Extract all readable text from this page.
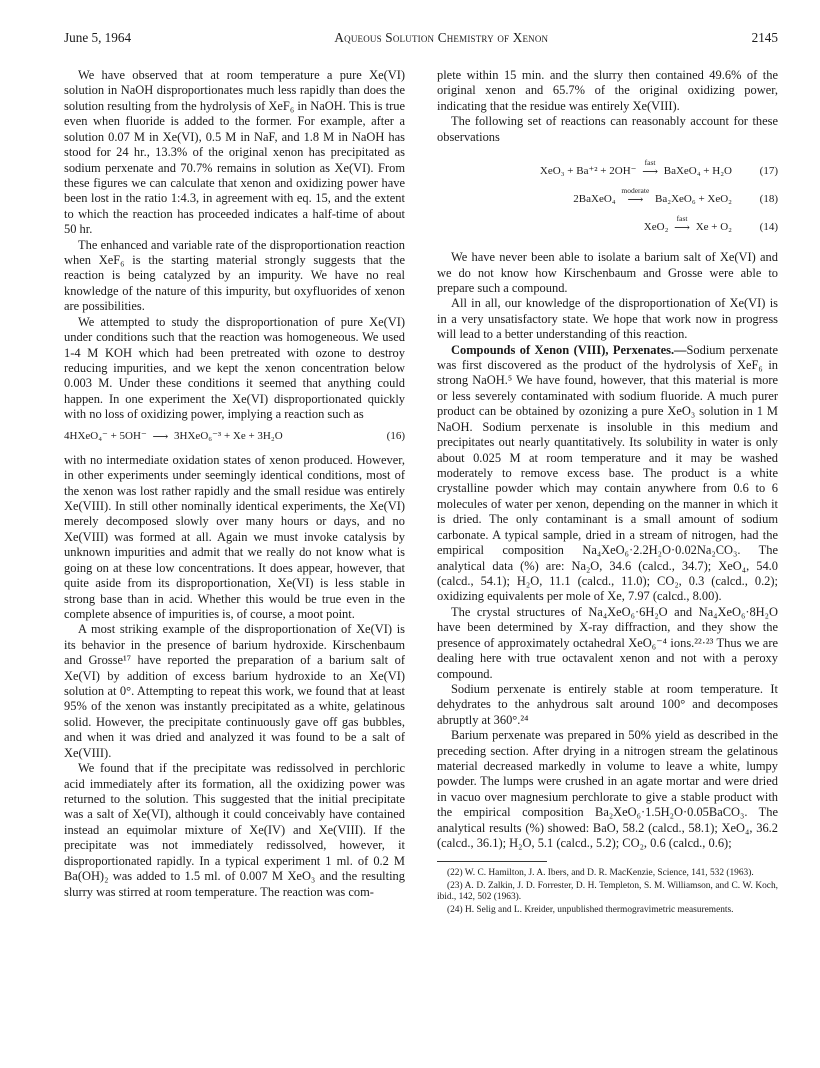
June 5, 1964	Aqueous Solution Chemistry of Xenon	2145

We have observed that at room temperature a pure Xe(VI) solution in NaOH disproportionates much less rapidly than does the solution resulting from the hydrolysis of XeF₆ in NaOH. This is true even when fluoride is added to the former. For example, after a solution 0.07 M in Xe(VI), 0.5 M in NaF, and 1.8 M in NaOH has stood for 24 hr., 13.3% of the original xenon has precipitated as sodium perxenate and 70.7% remains in solution as Xe(VI). From these figures we can calculate that xenon and oxidizing power have been lost in the ratio 1:4.3, in agreement with eq. 15, and the extent to which the reaction has proceeded indicates a half-time of about 50 hr.

The enhanced and variable rate of the disproportionation reaction when XeF₆ is the starting material strongly suggests that the reaction is being catalyzed by an impurity. We have no real knowledge of the nature of this impurity, but oxyfluorides of xenon are possibilities.

We attempted to study the disproportionation of pure Xe(VI) under conditions such that the reaction was homogeneous. We used 1-4 M KOH which had been pretreated with ozone to destroy reducing impurities, and we kept the xenon concentration below 0.003 M. Under these conditions it seemed that anything could happen. In one experiment the Xe(VI) disproportionated quickly with no loss of oxidizing power, implying a reaction such as

4HXeO₄⁻ + 5OH⁻ ⟶ 3HXeO₆⁻³ + Xe + 3H₂O	(16)

with no intermediate oxidation states of xenon produced. However, in other experiments under seemingly identical conditions, most of the xenon was lost rather rapidly and the small residue was entirely Xe(VIII). In still other nominally identical experiments, the Xe(VI) merely decomposed slowly over many hours or days, and no Xe(VIII) was formed at all. Again we must invoke catalysis by unknown impurities and admit that we really do not know what is going on at these low concentrations. It does appear, however, that quite aside from its disproportionation, Xe(VI) is less stable in strong base than in acid. Whether this would be true even in the complete absence of impurities is, of course, a moot point.

A most striking example of the disproportionation of Xe(VI) is its behavior in the presence of barium hydroxide. Kirschenbaum and Grosse¹⁷ have reported the preparation of a barium salt of Xe(VI) by addition of excess barium hydroxide to an Xe(VI) solution at 0°. Attempting to repeat this work, we found that at least 95% of the xenon was instantly precipitated as a white, gelatinous solid. However, the precipitate continuously gave off gas bubbles, and when it was dried and analyzed it was found to be a salt of Xe(VIII).

We found that if the precipitate was redissolved in perchloric acid immediately after its formation, all the oxidizing power was returned to the solution. This suggested that the initial precipitate was a salt of Xe(VI), although it could conceivably have contained instead an equimolar mixture of Xe(IV) and Xe(VIII). If the precipitate was not immediately redissolved, however, it disproportionated rapidly. In a typical experiment 1 ml. of 0.2 M Ba(OH)₂ was added to 1.5 ml. of 0.007 M XeO₃ and the resulting slurry was stirred at room temperature. The reaction was com-

plete within 15 min. and the slurry then contained 49.6% of the original xenon and 65.7% of the original oxidizing power, indicating that the residue was entirely Xe(VIII).

The following set of reactions can reasonably account for these observations

XeO₃ + Ba⁺² + 2OH⁻
fast
⟶ BaXeO₄ + H₂O	(17)
2BaXeO₄
moderate
⟶ Ba₂XeO₆ + XeO₂	(18)
XeO₂
fast
⟶ Xe + O₂	(14)

We have never been able to isolate a barium salt of Xe(VI) and we do not know how Kirschenbaum and Grosse were able to prepare such a compound.

All in all, our knowledge of the disproportionation of Xe(VI) is in a very unsatisfactory state. We hope that work now in progress will lead to a better understanding of this reaction.

Compounds of Xenon (VIII), Perxenates.—Sodium perxenate was first discovered as the product of the hydrolysis of XeF₆ in strong NaOH.⁵ We have found, however, that this material is more or less severely contaminated with sodium fluoride. A much purer product can be obtained by ozonizing a pure XeO₃ solution in 1 M NaOH. Sodium perxenate is insoluble in this medium and precipitates out nearly quantitatively. Its solubility in water is only about 0.025 M at room temperature and it may be washed moderately to remove excess base. The product is a white crystalline powder which may contain anywhere from 0.6 to 6 molecules of water per xenon, depending on the manner in which it is dried. The only contaminant is a small amount of sodium carbonate. A typical sample, dried in a stream of nitrogen, had the empirical composition Na₄XeO₆·2.2H₂O·0.02Na₂CO₃. The analytical data (%) are: Na₂O, 34.6 (calcd., 34.7); XeO₄, 54.0 (calcd., 54.1); H₂O, 11.1 (calcd., 11.0); CO₂, 0.3 (calcd., 0.2); oxidizing equivalents per mole of Xe, 7.97 (calcd., 8.00).

The crystal structures of Na₄XeO₆·6H₂O and Na₄XeO₆·8H₂O have been determined by X-ray diffraction, and they show the presence of approximately octahedral XeO₆⁻⁴ ions.²²·²³ Thus we are dealing here with true octavalent xenon and not with a peroxy compound.

Sodium perxenate is entirely stable at room temperature. It dehydrates to the anhydrous salt around 100° and decomposes abruptly at 360°.²⁴

Barium perxenate was prepared in 50% yield as described in the preceding section. After drying in a nitrogen stream the gelatinous material decreased markedly in volume to leave a white, lumpy powder. The lumps were crushed in an agate mortar and were dried in vacuo over magnesium perchlorate to give a stable product with the empirical composition Ba₂XeO₆·1.5H₂O·0.05BaCO₃. The analytical results (%) showed: BaO, 58.2 (calcd., 58.1); XeO₄, 36.2 (calcd., 36.1); H₂O, 5.1 (calcd., 5.2); CO₂, 0.6 (calcd., 0.6);

(22) W. C. Hamilton, J. A. Ibers, and D. R. MacKenzie, Science, 141, 532 (1963).
(23) A. D. Zalkin, J. D. Forrester, D. H. Templeton, S. M. Williamson, and C. W. Koch, ibid., 142, 502 (1963).
(24) H. Selig and L. Kreider, unpublished thermogravimetric measurements.
